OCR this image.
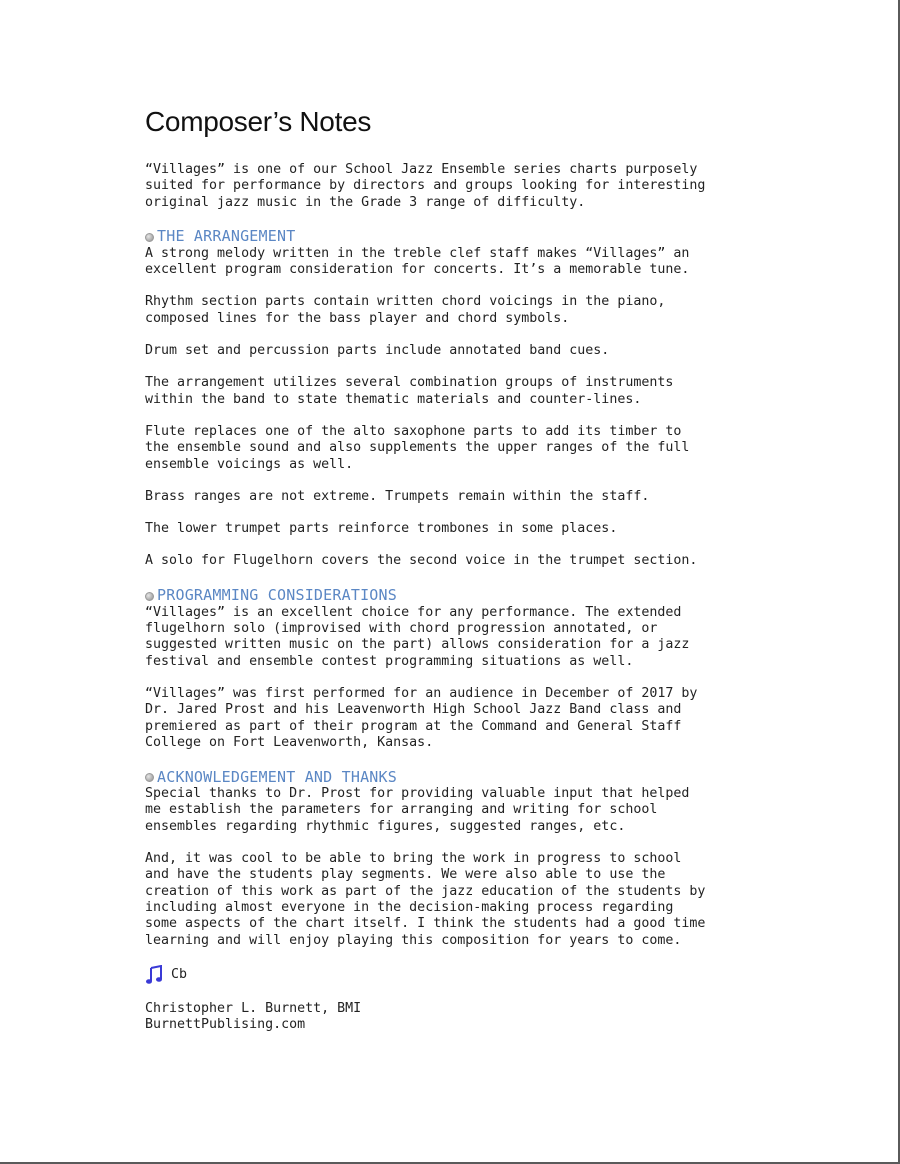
Composer’s Notes

“Villages” is one of our School Jazz Ensemble series charts purposely
suited for performance by directors and groups looking for interesting
original jazz music in the Grade 3 range of difficulty.

THE ARRANGEMENT

A strong melody written in the treble clef staff makes “Villages” an
excellent program consideration for concerts. It’s a memorable tune.

Rhythm section parts contain written chord voicings in the piano,
composed lines for the bass player and chord symbols.

Drum set and percussion parts include annotated band cues.

The arrangement utilizes several combination groups of instruments
within the band to state thematic materials and counter-lines.

Flute replaces one of the alto saxophone parts to add its timber to
the ensemble sound and also supplements the upper ranges of the full
ensemble voicings as well.

Brass ranges are not extreme. Trumpets remain within the staff.

The lower trumpet parts reinforce trombones in some places.

A solo for Flugelhorn covers the second voice in the trumpet section.

PROGRAMMING CONSIDERATIONS

“Villages” is an excellent choice for any performance. The extended
flugelhorn solo (improvised with chord progression annotated, or
suggested written music on the part) allows consideration for a jazz
festival and ensemble contest programming situations as well.

“Villages” was first performed for an audience in December of 2017 by
Dr. Jared Prost and his Leavenworth High School Jazz Band class and
premiered as part of their program at the Command and General Staff
College on Fort Leavenworth, Kansas.

ACKNOWLEDGEMENT AND THANKS

Special thanks to Dr. Prost for providing valuable input that helped
me establish the parameters for arranging and writing for school
ensembles regarding rhythmic figures, suggested ranges, etc.

And, it was cool to be able to bring the work in progress to school
and have the students play segments. We were also able to use the
creation of this work as part of the jazz education of the students by
including almost everyone in the decision-making process regarding
some aspects of the chart itself. I think the students had a good time
learning and will enjoy playing this composition for years to come.

Cb

Christopher L. Burnett, BMI

BurnettPublising.com
